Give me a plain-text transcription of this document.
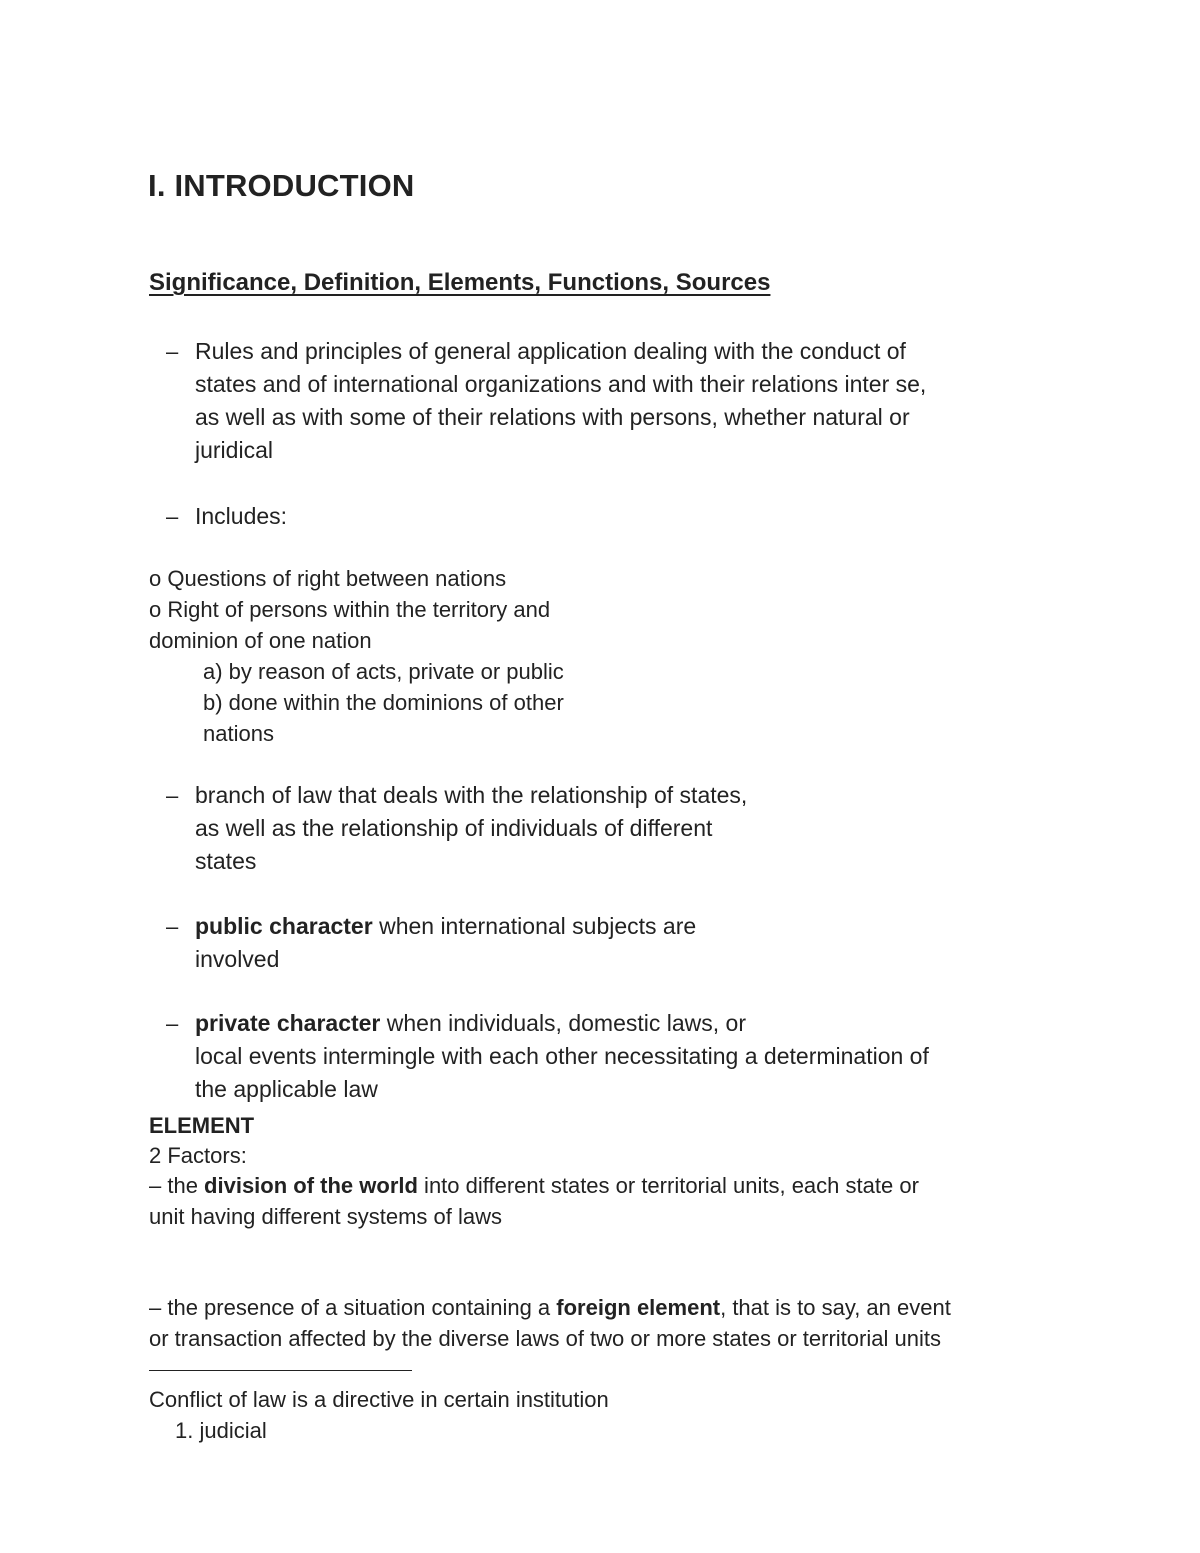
I. INTRODUCTION
Significance, Definition, Elements, Functions, Sources
– Rules and principles of general application dealing with the conduct of
states and of international organizations and with their relations inter se,
as well as with some of their relations with persons, whether natural or
juridical
– Includes:
o Questions of right between nations
o Right of persons within the territory and
dominion of one nation
a) by reason of acts, private or public
b) done within the dominions of other
nations
– branch of law that deals with the relationship of states,
as well as the relationship of individuals of different
states
– public character when international subjects are
involved
– private character when individuals, domestic laws, or
local events intermingle with each other necessitating a determination of
the applicable law
ELEMENT
2 Factors:
– the division of the world into different states or territorial units, each state or
unit having different systems of laws
– the presence of a situation containing a foreign element, that is to say, an event
or transaction affected by the diverse laws of two or more states or territorial units
Conflict of law is a directive in certain institution
1. judicial
